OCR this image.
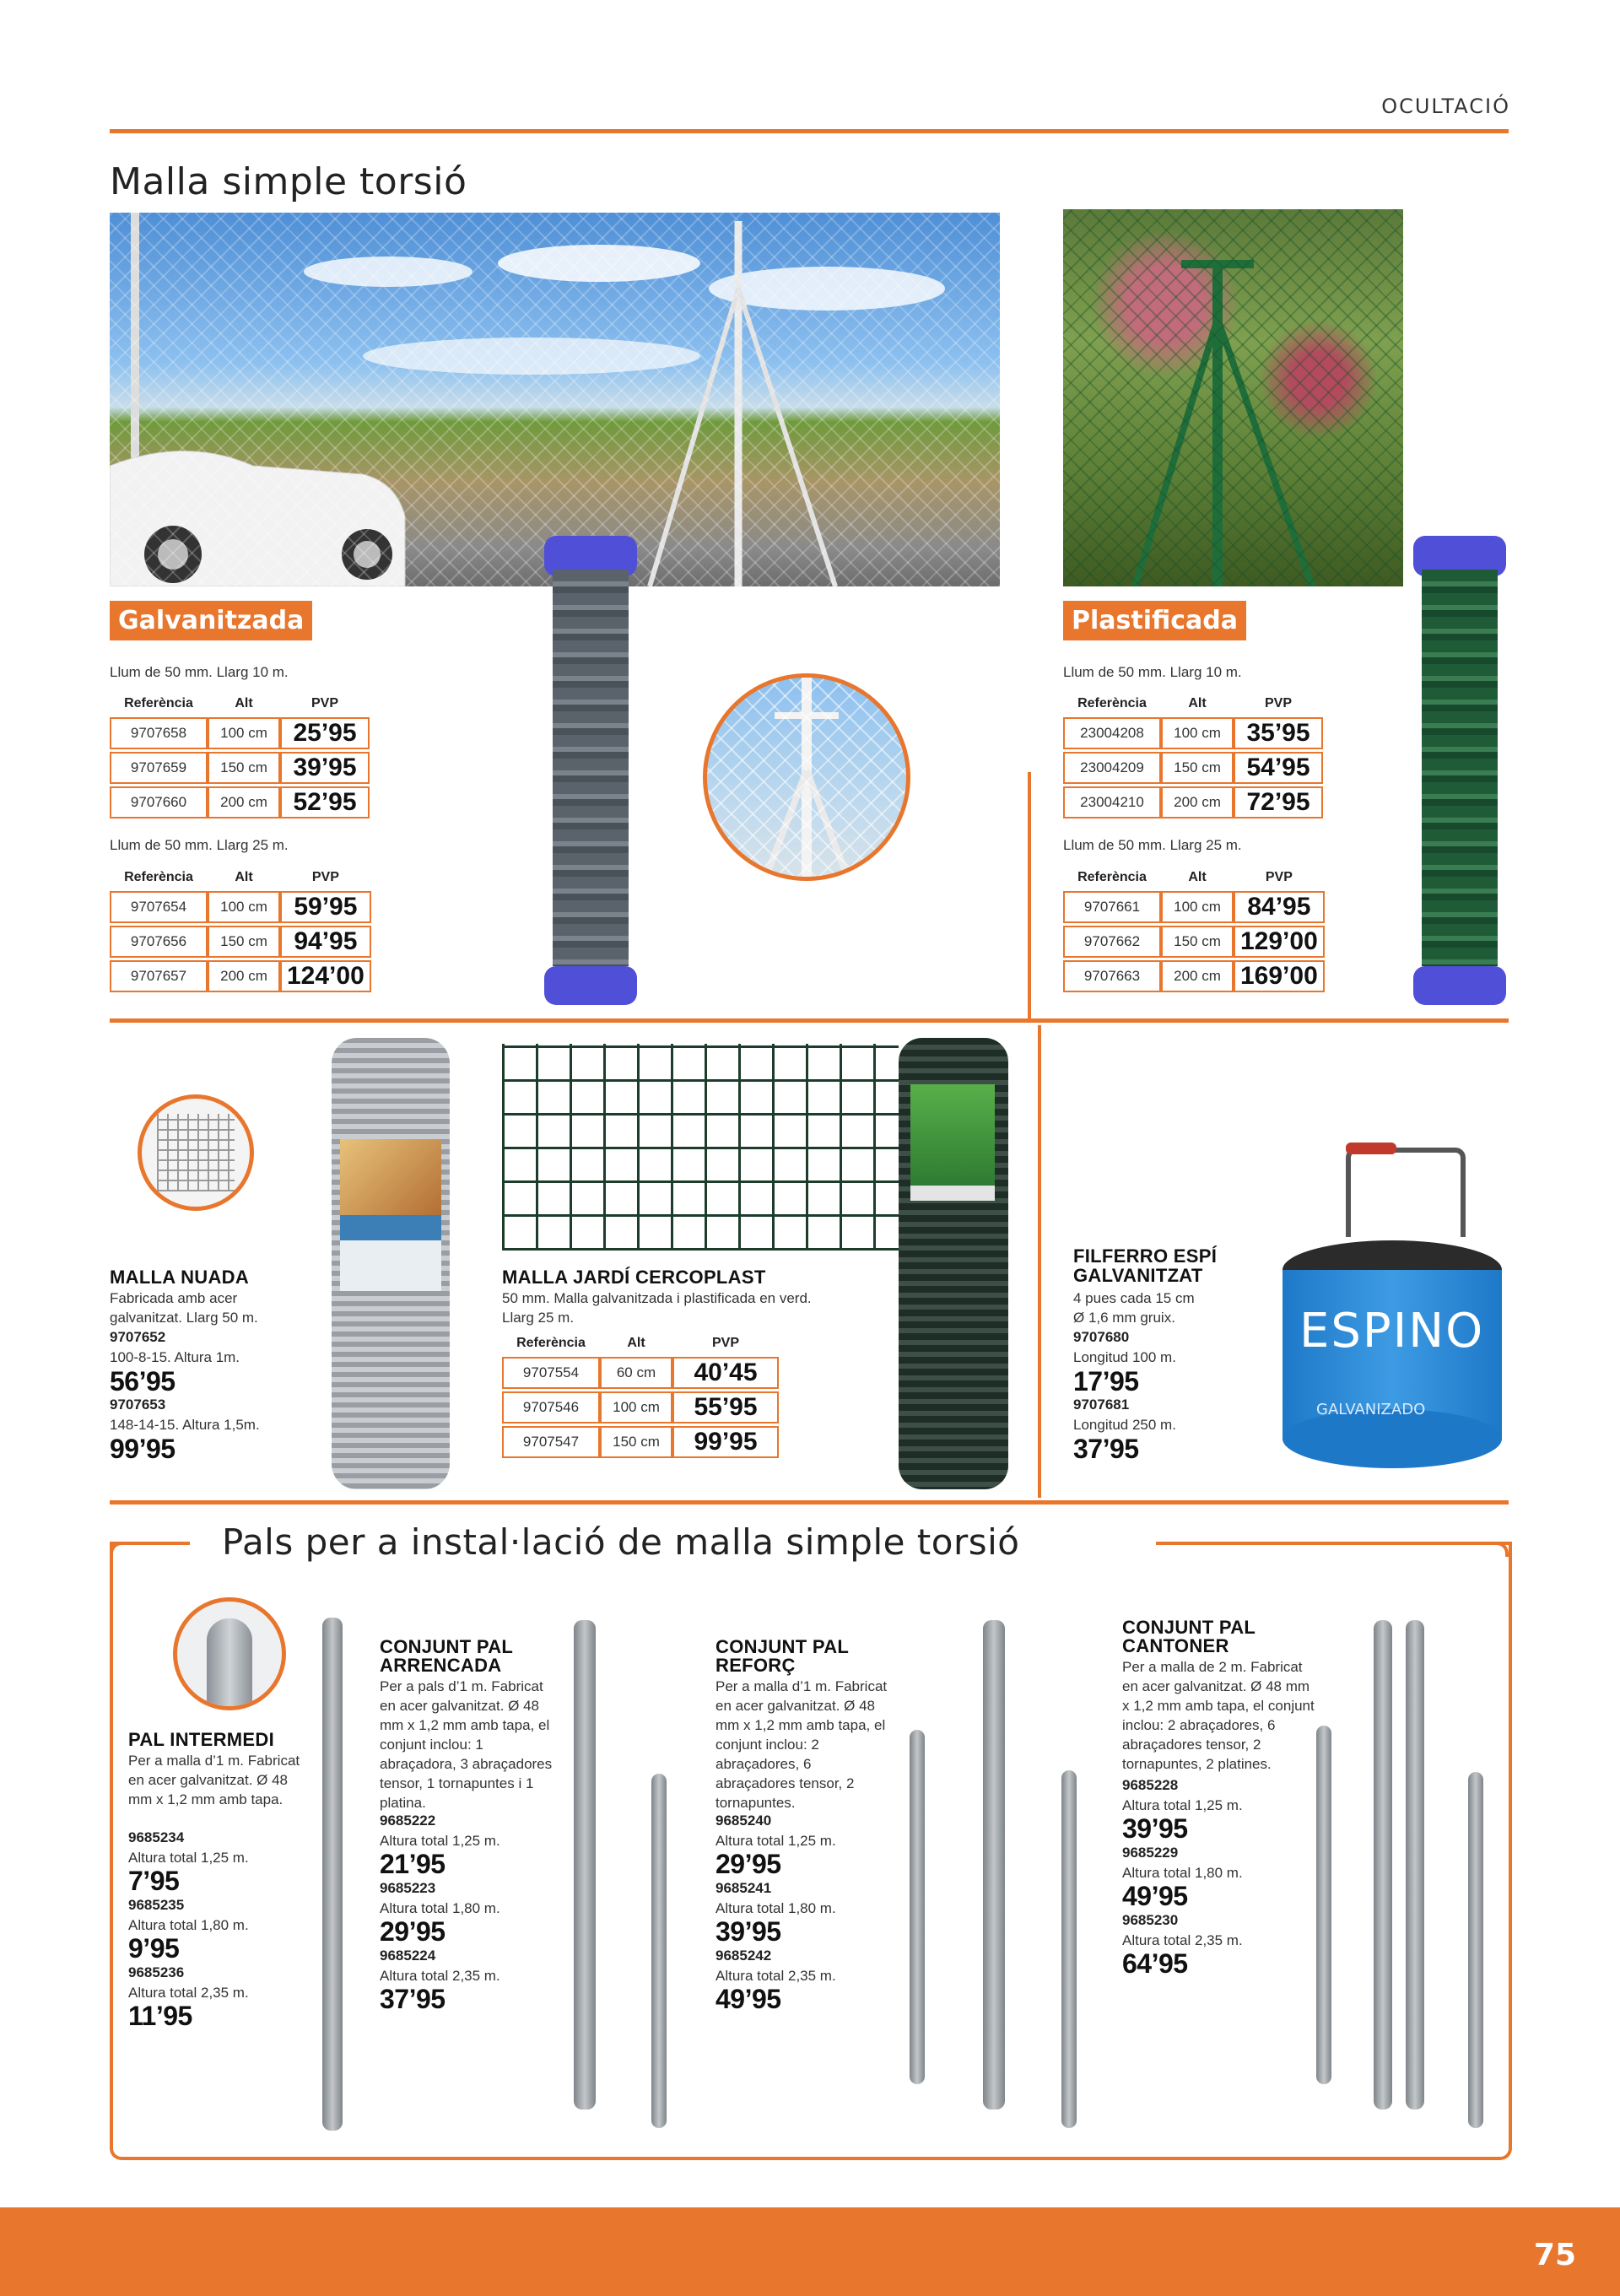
OCULTACIÓ
Malla simple torsió
Galvanitzada
Llum de 50 mm. Llarg 10 m.
Referència	Alt	PVP
9707658	100 cm	25’95
9707659	150 cm	39’95
9707660	200 cm	52’95
Llum de 50 mm. Llarg 25 m.
Referència	Alt	PVP
9707654	100 cm	59’95
9707656	150 cm	94’95
9707657	200 cm	124’00
Plastificada
Llum de 50 mm. Llarg 10 m.
Referència	Alt	PVP
23004208	100 cm	35’95
23004209	150 cm	54’95
23004210	200 cm	72’95
Llum de 50 mm. Llarg 25 m.
Referència	Alt	PVP
9707661	100 cm	84’95
9707662	150 cm	129’00
9707663	200 cm	169’00
MALLA NUADA
Fabricada amb acer galvanitzat. Llarg 50 m.
9707652
100-8-15. Altura 1m.
56’95
9707653
148-14-15. Altura 1,5m.
99’95
MALLA JARDÍ CERCOPLAST
50 mm. Malla galvanitzada i plastificada en verd. Llarg 25 m.
Referència	Alt	PVP
9707554	60 cm	40’45
9707546	100 cm	55’95
9707547	150 cm	99’95
FILFERRO ESPÍ
GALVANITZAT
4 pues cada 15 cm
Ø 1,6 mm gruix.
9707680
Longitud 100 m.
17’95
9707681
Longitud 250 m.
37’95
ESPINO
GALVANIZADO
Pals per a instal·lació de malla simple torsió
PAL INTERMEDI
Per a malla d’1 m. Fabricat en acer galvanitzat. Ø 48 mm x 1,2 mm amb tapa.
9685234
Altura total 1,25 m.
7’95
9685235
Altura total 1,80 m.
9’95
9685236
Altura total 2,35 m.
11’95
CONJUNT PAL
ARRENCADA
Per a pals d’1 m. Fabricat en acer galvanitzat. Ø 48 mm x 1,2 mm amb tapa, el conjunt inclou: 1 abraçadora, 3 abraçadores tensor, 1 tornapuntes i 1 platina.
9685222
Altura total 1,25 m.
21’95
9685223
Altura total 1,80 m.
29’95
9685224
Altura total 2,35 m.
37’95
CONJUNT PAL
REFORÇ
Per a malla d’1 m. Fabricat en acer galvanitzat. Ø 48 mm x 1,2 mm amb tapa, el conjunt inclou: 2 abraçadores, 6 abraçadores tensor, 2 tornapuntes.
9685240
Altura total 1,25 m.
29’95
9685241
Altura total 1,80 m.
39’95
9685242
Altura total 2,35 m.
49’95
CONJUNT PAL
CANTONER
Per a malla de 2 m. Fabricat en acer galvanitzat. Ø 48 mm x 1,2 mm amb tapa, el conjunt inclou: 2 abraçadores, 6 abraçadores tensor, 2 tornapuntes, 2 platines.
9685228
Altura total 1,25 m.
39’95
9685229
Altura total 1,80 m.
49’95
9685230
Altura total 2,35 m.
64’95
75
